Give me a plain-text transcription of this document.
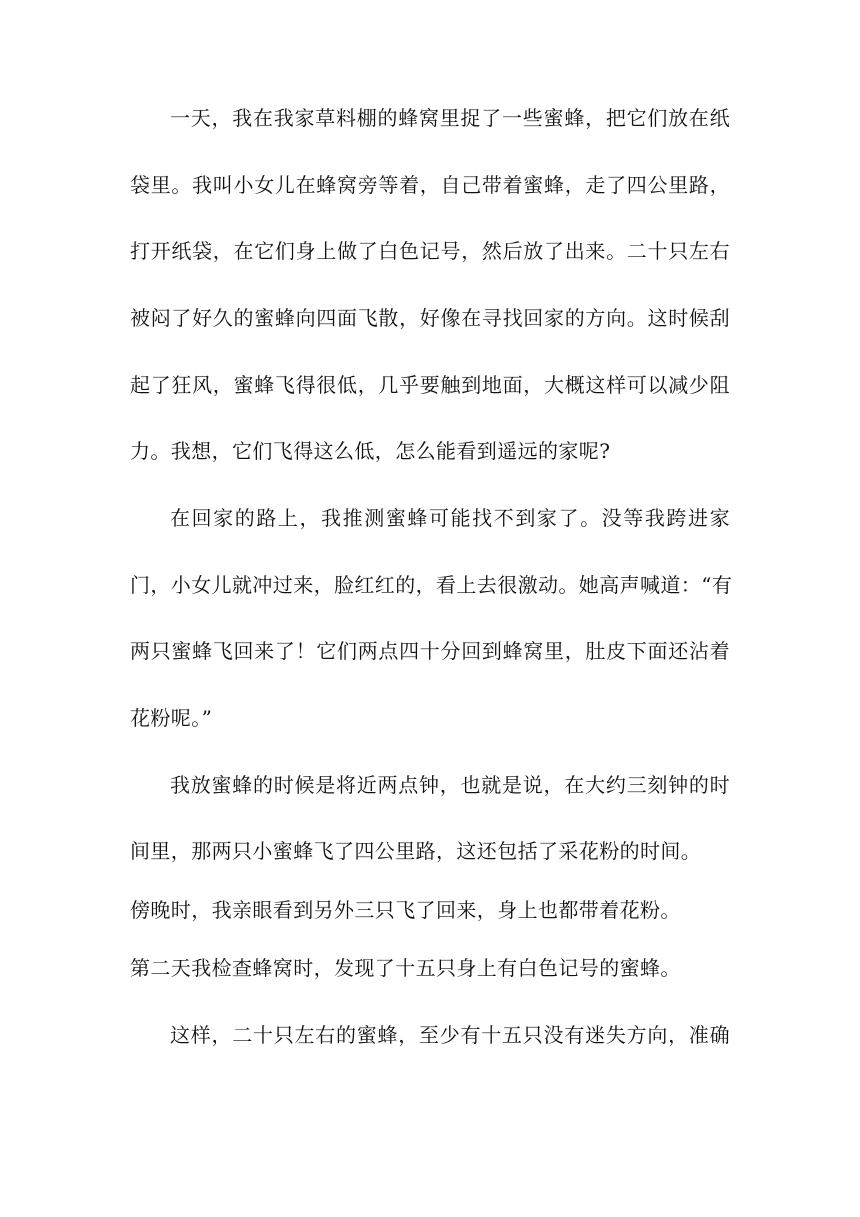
一天，我在我家草料棚的蜂窝里捉了一些蜜蜂，把它们放在纸
袋里。我叫小女儿在蜂窝旁等着，自己带着蜜蜂，走了四公里路，
打开纸袋，在它们身上做了白色记号，然后放了出来。二十只左右
被闷了好久的蜜蜂向四面飞散，好像在寻找回家的方向。这时候刮
起了狂风，蜜蜂飞得很低，几乎要触到地面，大概这样可以减少阻
力。我想，它们飞得这么低，怎么能看到遥远的家呢?
在回家的路上，我推测蜜蜂可能找不到家了。没等我跨进家
门，小女儿就冲过来，脸红红的，看上去很激动。她高声喊道：“有
两只蜜蜂飞回来了！它们两点四十分回到蜂窝里，肚皮下面还沾着
花粉呢。”
我放蜜蜂的时候是将近两点钟，也就是说，在大约三刻钟的时
间里，那两只小蜜蜂飞了四公里路，这还包括了采花粉的时间。
傍晚时，我亲眼看到另外三只飞了回来，身上也都带着花粉。
第二天我检查蜂窝时，发现了十五只身上有白色记号的蜜蜂。
这样，二十只左右的蜜蜂，至少有十五只没有迷失方向，准确
